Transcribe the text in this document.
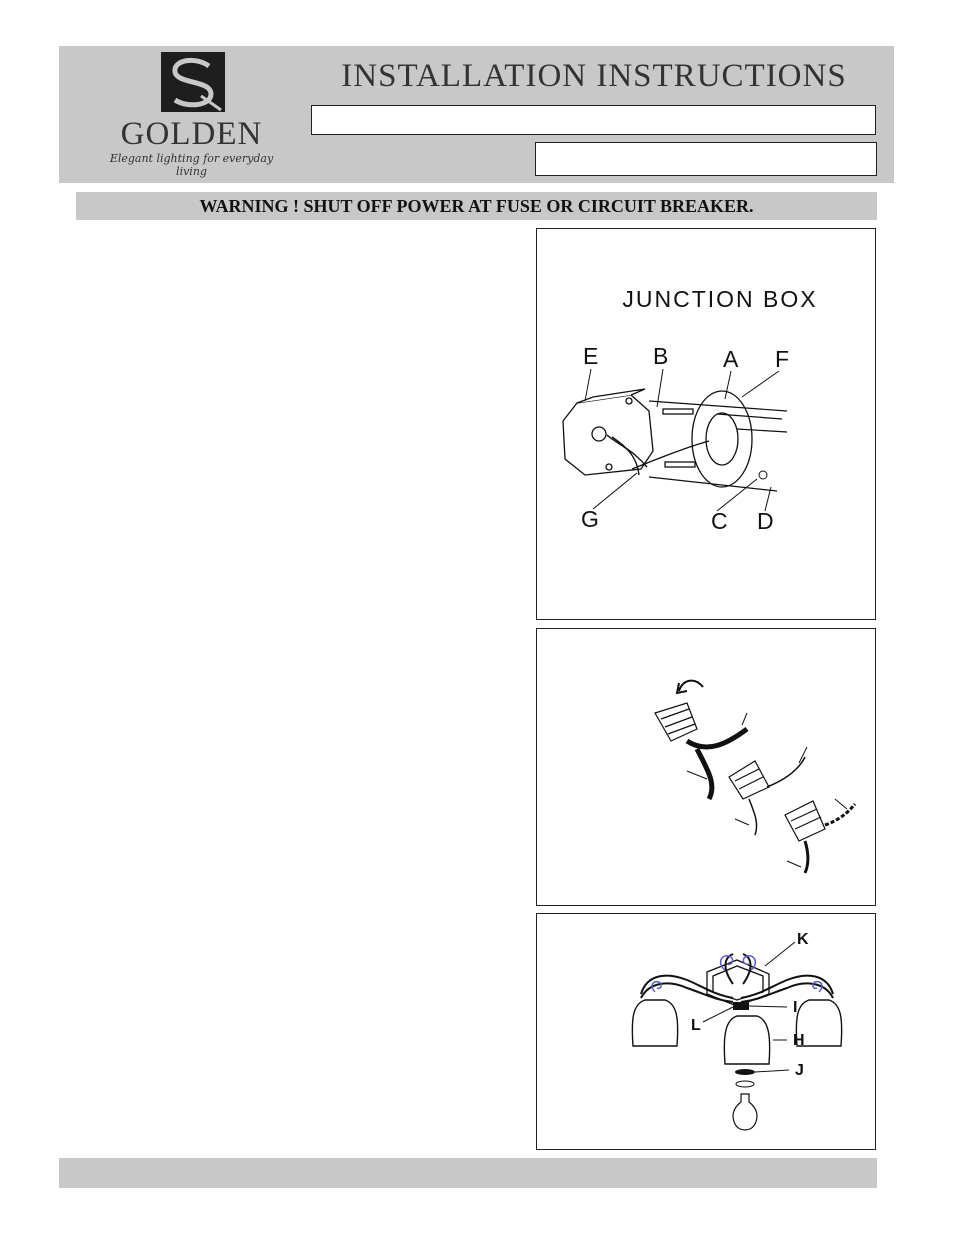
GOLDEN
Elegant lighting for everyday living
INSTALLATION INSTRUCTIONS
WARNING ! SHUT OFF POWER AT FUSE OR CIRCUIT BREAKER.
JUNCTION BOX
E B A F
G	C D
K
I
L
H
J
